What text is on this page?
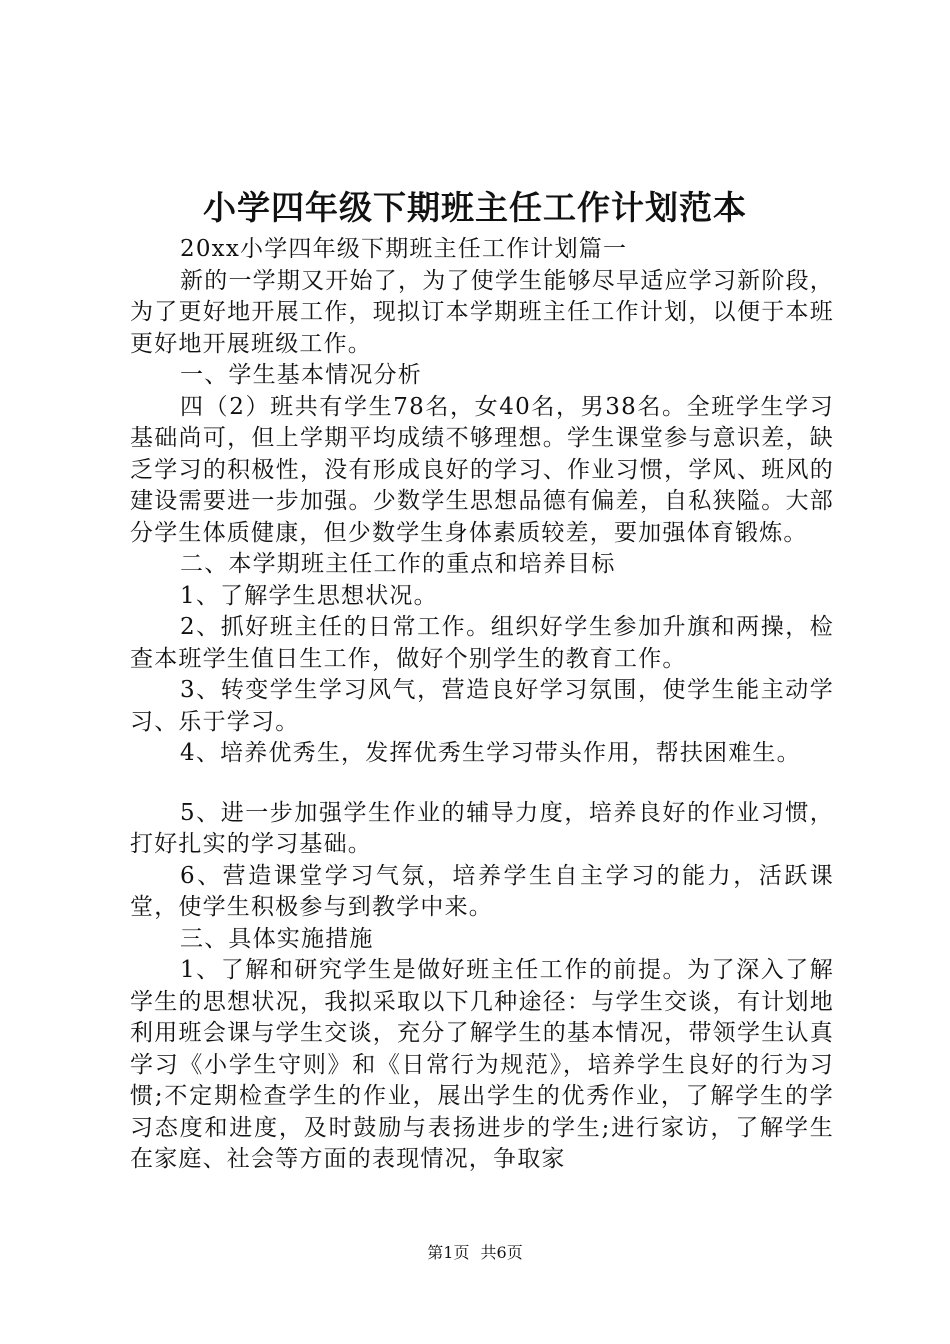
小学四年级下期班主任工作计划范本

20xx小学四年级下期班主任工作计划篇一

新的一学期又开始了，为了使学生能够尽早适应学习新阶段，为了更好地开展工作，现拟订本学期班主任工作计划，以便于本班更好地开展班级工作。

一、学生基本情况分析

四（2）班共有学生78名，女40名，男38名。全班学生学习基础尚可，但上学期平均成绩不够理想。学生课堂参与意识差，缺乏学习的积极性，没有形成良好的学习、作业习惯，学风、班风的建设需要进一步加强。少数学生思想品德有偏差，自私狭隘。大部分学生体质健康，但少数学生身体素质较差，要加强体育锻炼。

二、本学期班主任工作的重点和培养目标

1、了解学生思想状况。

2、抓好班主任的日常工作。组织好学生参加升旗和两操，检查本班学生值日生工作，做好个别学生的教育工作。

3、转变学生学习风气，营造良好学习氛围，使学生能主动学习、乐于学习。

4、培养优秀生，发挥优秀生学习带头作用，帮扶困难生。

5、进一步加强学生作业的辅导力度，培养良好的作业习惯，打好扎实的学习基础。

6、营造课堂学习气氛，培养学生自主学习的能力，活跃课堂，使学生积极参与到教学中来。

三、具体实施措施

1、了解和研究学生是做好班主任工作的前提。为了深入了解学生的思想状况，我拟采取以下几种途径：与学生交谈，有计划地利用班会课与学生交谈，充分了解学生的基本情况，带领学生认真学习《小学生守则》和《日常行为规范》，培养学生良好的行为习惯;不定期检查学生的作业，展出学生的优秀作业，了解学生的学习态度和进度，及时鼓励与表扬进步的学生;进行家访，了解学生在家庭、社会等方面的表现情况，争取家

第1页 共6页
